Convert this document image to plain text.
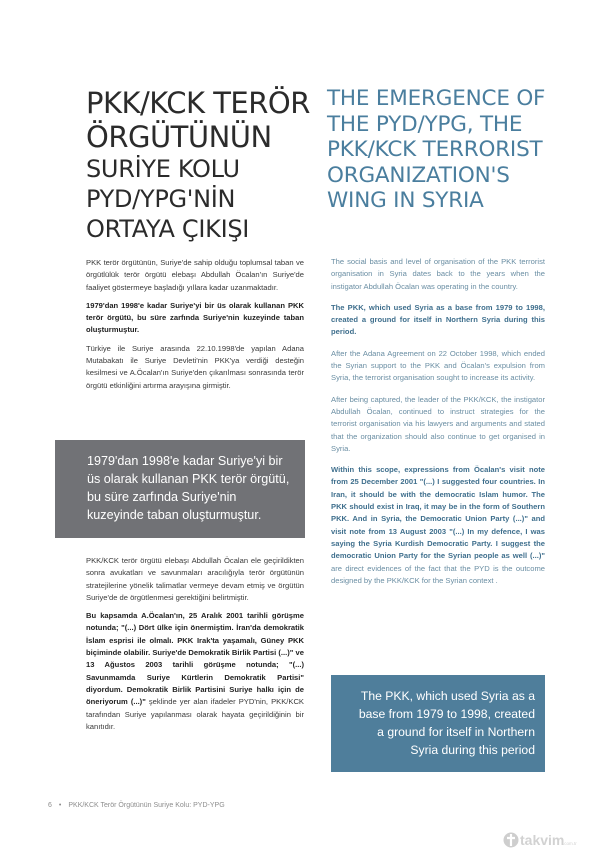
PKK/KCK TERÖR
ÖRGÜTÜNÜN
SURİYE KOLU
PYD/YPG'NİN
ORTAYA ÇIKIŞI

PKK terör örgütünün, Suriye'de sahip olduğu toplumsal taban ve örgütlülük terör örgütü elebaşı Abdullah Öcalan'ın Suriye'de faaliyet göstermeye başladığı yıllara kadar uzanmaktadır.

1979'dan 1998'e kadar Suriye'yi bir üs olarak kullanan PKK terör örgütü, bu süre zarfında Suriye'nin kuzeyinde taban oluşturmuştur.

Türkiye ile Suriye arasında 22.10.1998'de yapılan Adana Mutabakatı ile Suriye Devleti'nin PKK'ya verdiği desteğin kesilmesi ve A.Öcalan'ın Suriye'den çıkarılması sonrasında terör örgütü etkinliğini artırma arayışına girmiştir.

1979'dan 1998'e kadar Suriye'yi bir üs olarak kullanan PKK terör örgütü, bu süre zarfında Suriye'nin kuzeyinde taban oluşturmuştur.

PKK/KCK terör örgütü elebaşı Abdullah Öcalan ele geçirildikten sonra avukatları ve savunmaları aracılığıyla terör örgütünün stratejilerine yönelik talimatlar vermeye devam etmiş ve örgütün Suriye'de de örgütlenmesi gerektiğini belirtmiştir.

Bu kapsamda A.Öcalan'ın, 25 Aralık 2001 tarihli görüşme notunda; "(...) Dört ülke için önermiştim. İran'da demokratik İslam esprisi ile olmalı. PKK Irak'ta yaşamalı, Güney PKK biçiminde olabilir. Suriye'de Demokratik Birlik Partisi (...)" ve 13 Ağustos 2003 tarihli görüşme notunda; "(...) Savunmamda Suriye Kürtlerin Demokratik Partisi" diyordum. Demokratik Birlik Partisini Suriye halkı için de öneriyorum (...)" şeklinde yer alan ifadeler PYD'nin, PKK/KCK tarafından Suriye yapılanması olarak hayata geçirildiğinin bir kanıtıdır.

THE EMERGENCE OF THE PYD/YPG, THE PKK/KCK TERRORIST ORGANIZATION'S WING IN SYRIA

The social basis and level of organisation of the PKK terrorist organisation in Syria dates back to the years when the instigator Abdullah Öcalan was operating in the country.

The PKK, which used Syria as a base from 1979 to 1998, created a ground for itself in Northern Syria during this period.

After the Adana Agreement on 22 October 1998, which ended the Syrian support to the PKK and Öcalan's expulsion from Syria, the terrorist organisation sought to increase its activity.

After being captured, the leader of the PKK/KCK, the instigator Abdullah Öcalan, continued to instruct strategies for the terrorist organisation via his lawyers and arguments and stated that the organization should also continue to get organised in Syria.

Within this scope, expressions from Öcalan's visit note from 25 December 2001 "(...) I suggested four countries. In Iran, it should be with the democratic Islam humor. The PKK should exist in Iraq, it may be in the form of Southern PKK. And in Syria, the Democratic Union Party (...)" and visit note from 13 August 2003 "(...) In my defence, I was saying the Syria Kurdish Democratic Party. I suggest the democratic Union Party for the Syrian people as well (...)" are direct evidences of the fact that the PYD is the outcome designed by the PKK/KCK for the Syrian context .

The PKK, which used Syria as a base from 1979 to 1998, created a ground for itself in Northern Syria during this period
6 • PKK/KCK Terör Örgütünün Suriye Kolu: PYD-YPG
takvim
.com.tr
